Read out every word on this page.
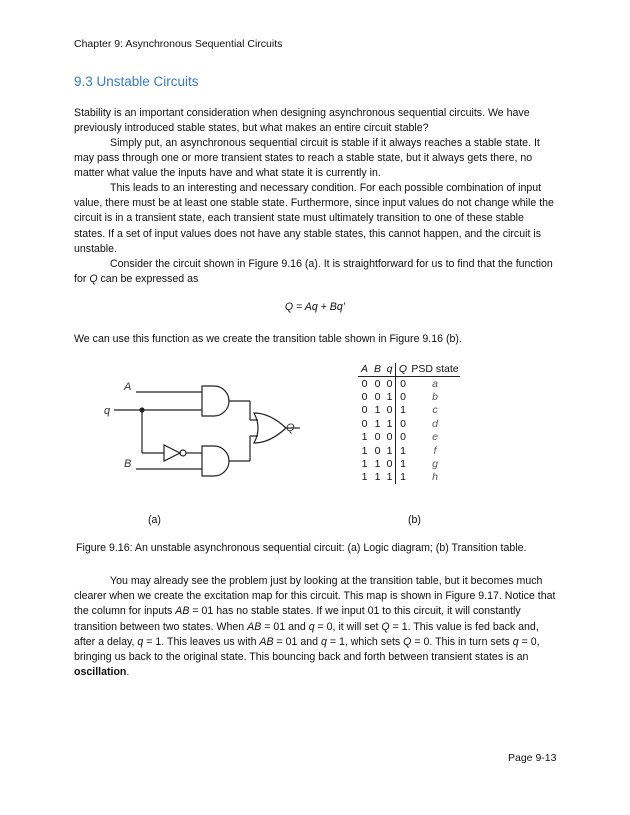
Chapter 9: Asynchronous Sequential Circuits
9.3 Unstable Circuits

Stability is an important consideration when designing asynchronous sequential circuits. We have previously introduced stable states, but what makes an entire circuit stable?

Simply put, an asynchronous sequential circuit is stable if it always reaches a stable state. It may pass through one or more transient states to reach a stable state, but it always gets there, no matter what value the inputs have and what state it is currently in.

This leads to an interesting and necessary condition. For each possible combination of input value, there must be at least one stable state. Furthermore, since input values do not change while the circuit is in a transient state, each transient state must ultimately transition to one of these stable states. If a set of input values does not have any stable states, this cannot happen, and the circuit is unstable.

Consider the circuit shown in Figure 9.16 (a). It is straightforward for us to find that the function for Q can be expressed as

Q = Aq + Bq’

We can use this function as we create the transition table shown in Figure 9.16 (b).

A
q
B
Q
A	B	q	Q	PSD state
0	0	0	0	a
0	0	1	0	b
0	1	0	1	c
0	1	1	0	d
1	0	0	0	e
1	0	1	1	f
1	1	0	1	g
1	1	1	1	h
(a)	(b)
Figure 9.16: An unstable asynchronous sequential circuit: (a) Logic diagram; (b) Transition table.

You may already see the problem just by looking at the transition table, but it becomes much clearer when we create the excitation map for this circuit. This map is shown in Figure 9.17. Notice that the column for inputs AB = 01 has no stable states. If we input 01 to this circuit, it will constantly transition between two states. When AB = 01 and q = 0, it will set Q = 1. This value is fed back and, after a delay, q = 1. This leaves us with AB = 01 and q = 1, which sets Q = 0. This in turn sets q = 0, bringing us back to the original state. This bouncing back and forth between transient states is an oscillation.

Page 9-13
